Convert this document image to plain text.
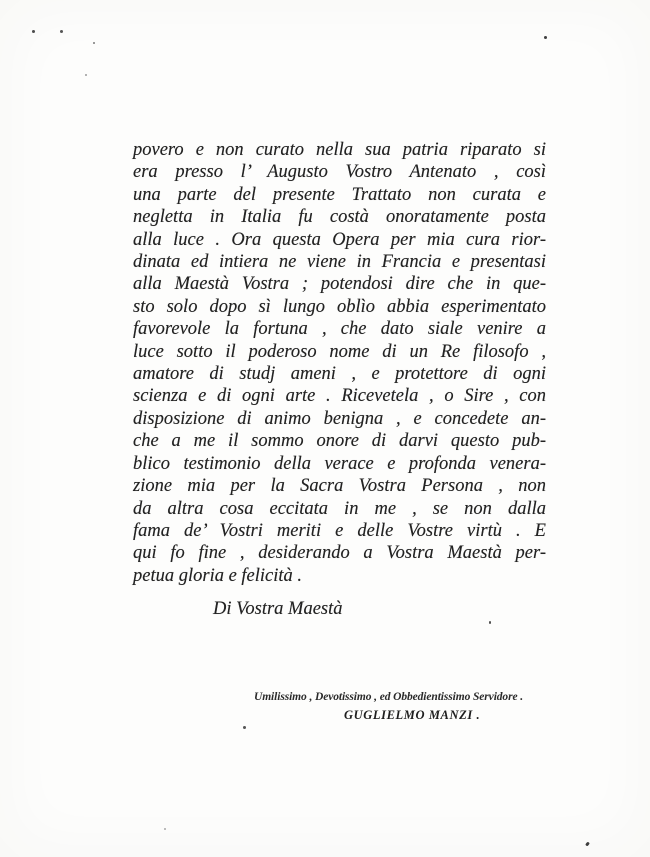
povero e non curato nella sua patria riparato si
era presso l’ Augusto Vostro Antenato , così
una parte del presente Trattato non curata e
negletta in Italia fu costà onoratamente posta
alla luce . Ora questa Opera per mia cura rior-
dinata ed intiera ne viene in Francia e presentasi
alla Maestà Vostra ; potendosi dire che in que-
sto solo dopo sì lungo oblìo abbia esperimentato
favorevole la fortuna , che dato siale venire a
luce sotto il poderoso nome di un Re filosofo ,
amatore di studj ameni , e protettore di ogni
scienza e di ogni arte . Ricevetela , o Sire , con
disposizione di animo benigna , e concedete an-
che a me il sommo onore di darvi questo pub-
blico testimonio della verace e profonda venera-
zione mia per la Sacra Vostra Persona , non
da altra cosa eccitata in me , se non dalla
fama de’ Vostri meriti e delle Vostre virtù . E
qui fo fine , desiderando a Vostra Maestà per-
petua gloria e felicità .
Di Vostra Maestà
Umilissimo , Devotissimo , ed Obbedientissimo Servidore .
GUGLIELMO MANZI .
